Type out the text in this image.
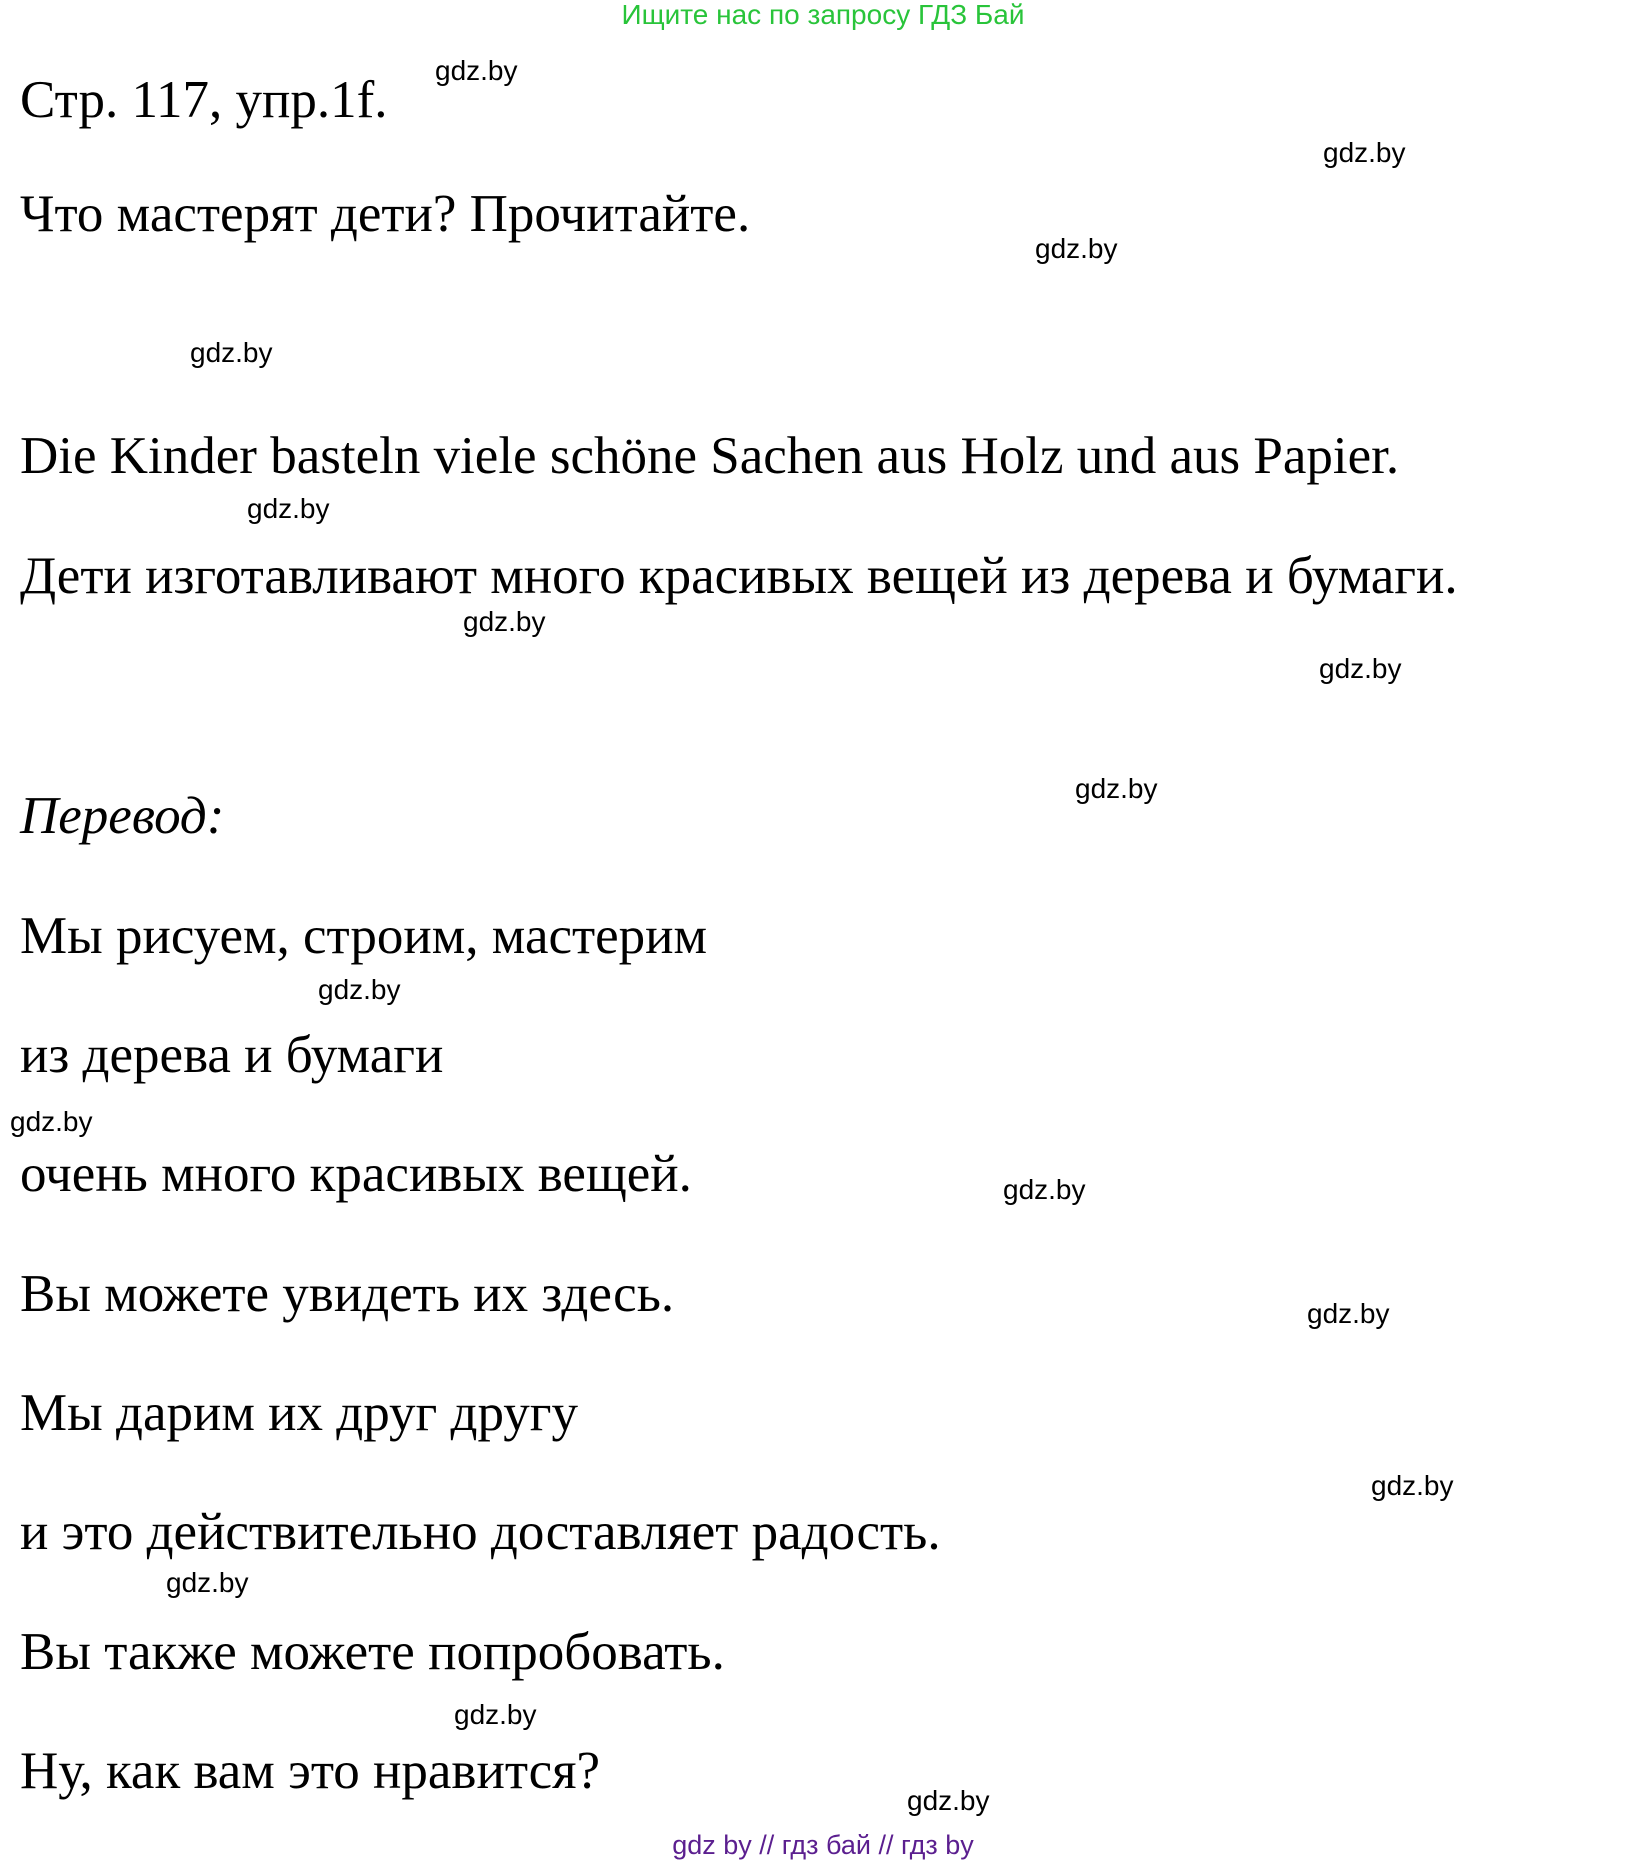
Ищите нас по запросу ГДЗ Бай
Стр. 117, упр.1f.
Что мастерят дети? Прочитайте.
Die Kinder basteln viele schöne Sachen aus Holz und aus Papier.
Дети изготавливают много красивых вещей из дерева и бумаги.
Перевод:
Мы рисуем, строим, мастерим
из дерева и бумаги
очень много красивых вещей.
Вы можете увидеть их здесь.
Мы дарим их друг другу
и это действительно доставляет радость.
Вы также можете попробовать.
Ну, как вам это нравится?
gdz.by
gdz.by
gdz.by
gdz.by
gdz.by
gdz.by
gdz.by
gdz.by
gdz.by
gdz.by
gdz.by
gdz.by
gdz.by
gdz.by
gdz.by
gdz.by
gdz by // гдз бай // гдз by
